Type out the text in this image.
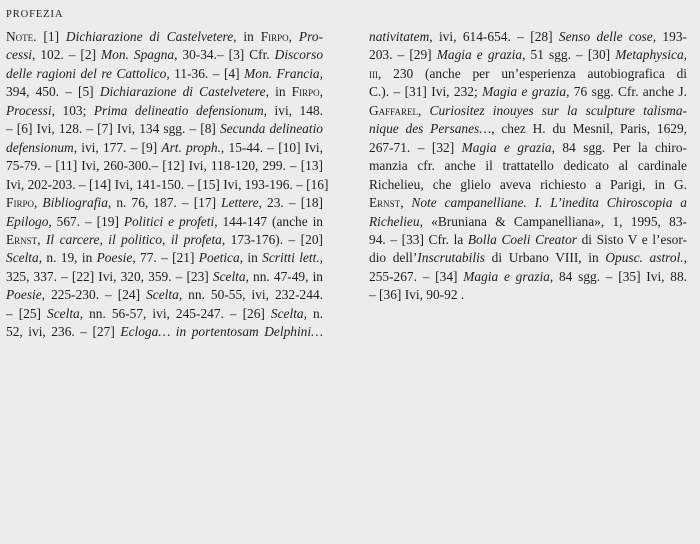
PROFEZIA
Note. [1] Dichiarazione di Castelvetere, in Firpo, Pro-
cessi, 102. – [2] Mon. Spagna, 30-34.– [3] Cfr. Discorso
delle ragioni del re Cattolico, 11-36. – [4] Mon. Francia,
394, 450. – [5] Dichiarazione di Castelvetere, in Firpo,
Processi, 103; Prima delineatio defensionum, ivi, 148.
– [6] Ivi, 128. – [7] Ivi, 134 sgg. – [8] Secunda delineatio
defensionum, ivi, 177. – [9] Art. proph., 15-44. – [10] Ivi,
75-79. – [11] Ivi, 260-300.– [12] Ivi, 118-120, 299. – [13]
Ivi, 202-203. – [14] Ivi, 141-150. – [15] Ivi, 193-196. – [16]
Firpo, Bibliografia, n. 76, 187. – [17] Lettere, 23. – [18]
Epilogo, 567. – [19] Politici e profeti, 144-147 (anche in
Ernst, Il carcere, il politico, il profeta, 173-176). – [20]
Scelta, n. 19, in Poesie, 77. – [21] Poetica, in Scritti lett.,
325, 337. – [22] Ivi, 320, 359. – [23] Scelta, nn. 47-49, in
Poesie, 225-230. – [24] Scelta, nn. 50-55, ivi, 232-244.
– [25] Scelta, nn. 56-57, ivi, 245-247. – [26] Scelta, n.
52, ivi, 236. – [27] Ecloga… in portentosam Delphini…
nativitatem, ivi, 614-654. – [28] Senso delle cose, 193-
203. – [29] Magia e grazia, 51 sgg. – [30] Metaphysica,
iii, 230 (anche per un’esperienza autobiografica di
C.). – [31] Ivi, 232; Magia e grazia, 76 sgg. Cfr. anche J.
Gaffarel, Curiositez inouyes sur la sculpture talisma-
nique des Persanes…, chez H. du Mesnil, Paris, 1629,
267-71. – [32] Magia e grazia, 84 sgg. Per la chiro-
manzia cfr. anche il trattatello dedicato al cardinale
Richelieu, che glielo aveva richiesto a Parigi, in G.
Ernst, Note campanelliane. I. L’inedita Chiroscopia a
Richelieu, «Bruniana & Campanelliana», 1, 1995, 83-
94. – [33] Cfr. la Bolla Coeli Creator di Sisto V e l’esor-
dio dell’Inscrutabilis di Urbano VIII, in Opusc. astrol.,
255-267. – [34] Magia e grazia, 84 sgg. – [35] Ivi, 88.
– [36] Ivi, 90-92 .
